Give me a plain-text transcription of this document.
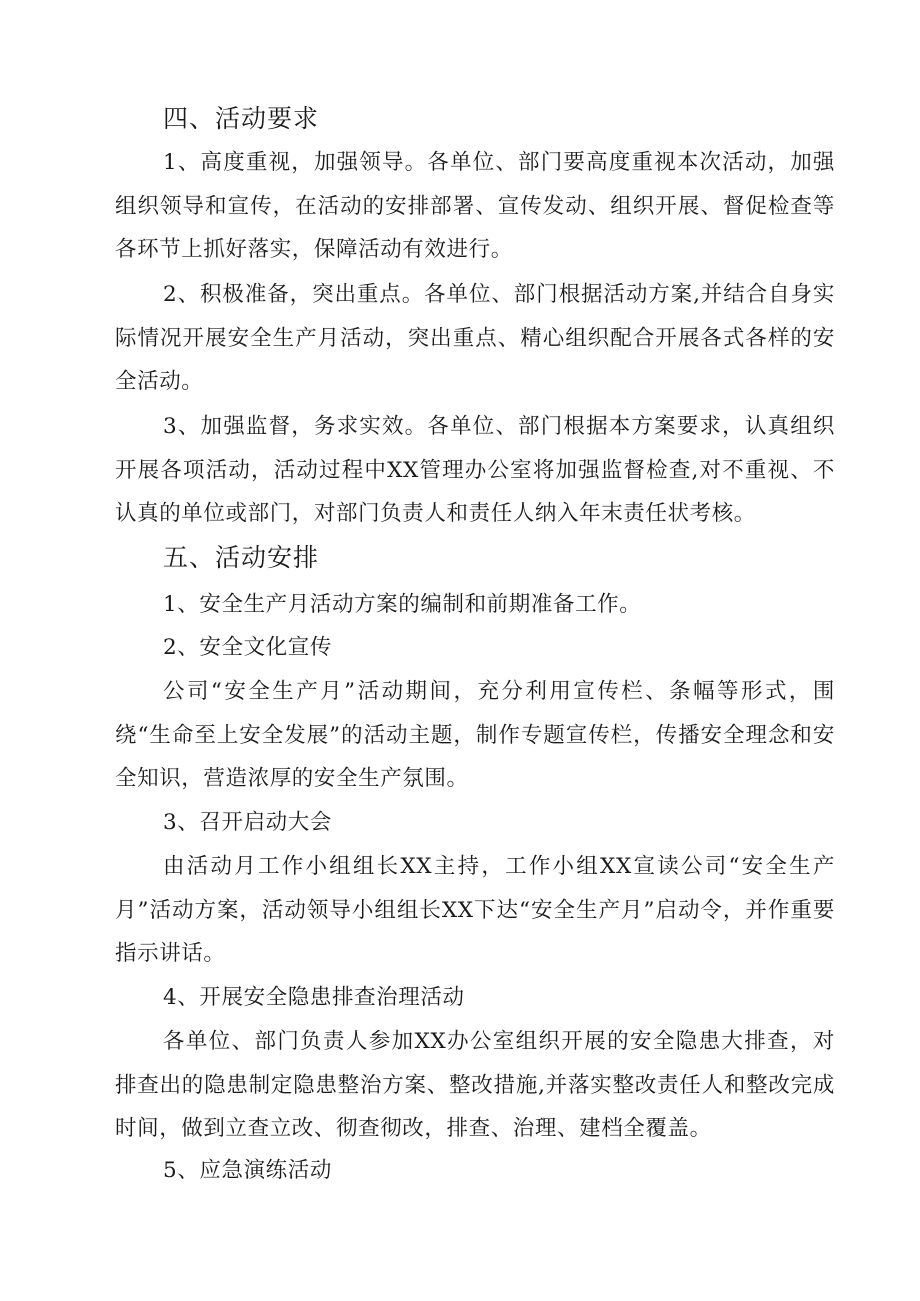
四、活动要求

1、高度重视，加强领导。各单位、部门要高度重视本次活动，加强组织领导和宣传，在活动的安排部署、宣传发动、组织开展、督促检查等各环节上抓好落实，保障活动有效进行。

2、积极准备，突出重点。各单位、部门根据活动方案,并结合自身实际情况开展安全生产月活动，突出重点、精心组织配合开展各式各样的安全活动。

3、加强监督，务求实效。各单位、部门根据本方案要求，认真组织开展各项活动，活动过程中XX管理办公室将加强监督检查,对不重视、不认真的单位或部门，对部门负责人和责任人纳入年末责任状考核。

五、活动安排

1、安全生产月活动方案的编制和前期准备工作。

2、安全文化宣传

公司“安全生产月”活动期间，充分利用宣传栏、条幅等形式，围绕“生命至上安全发展”的活动主题，制作专题宣传栏，传播安全理念和安全知识，营造浓厚的安全生产氛围。

3、召开启动大会

由活动月工作小组组长XX主持，工作小组XX宣读公司“安全生产月”活动方案，活动领导小组组长XX下达“安全生产月”启动令，并作重要指示讲话。

4、开展安全隐患排查治理活动

各单位、部门负责人参加XX办公室组织开展的安全隐患大排查，对排查出的隐患制定隐患整治方案、整改措施,并落实整改责任人和整改完成时间，做到立查立改、彻查彻改，排查、治理、建档全覆盖。

5、应急演练活动
